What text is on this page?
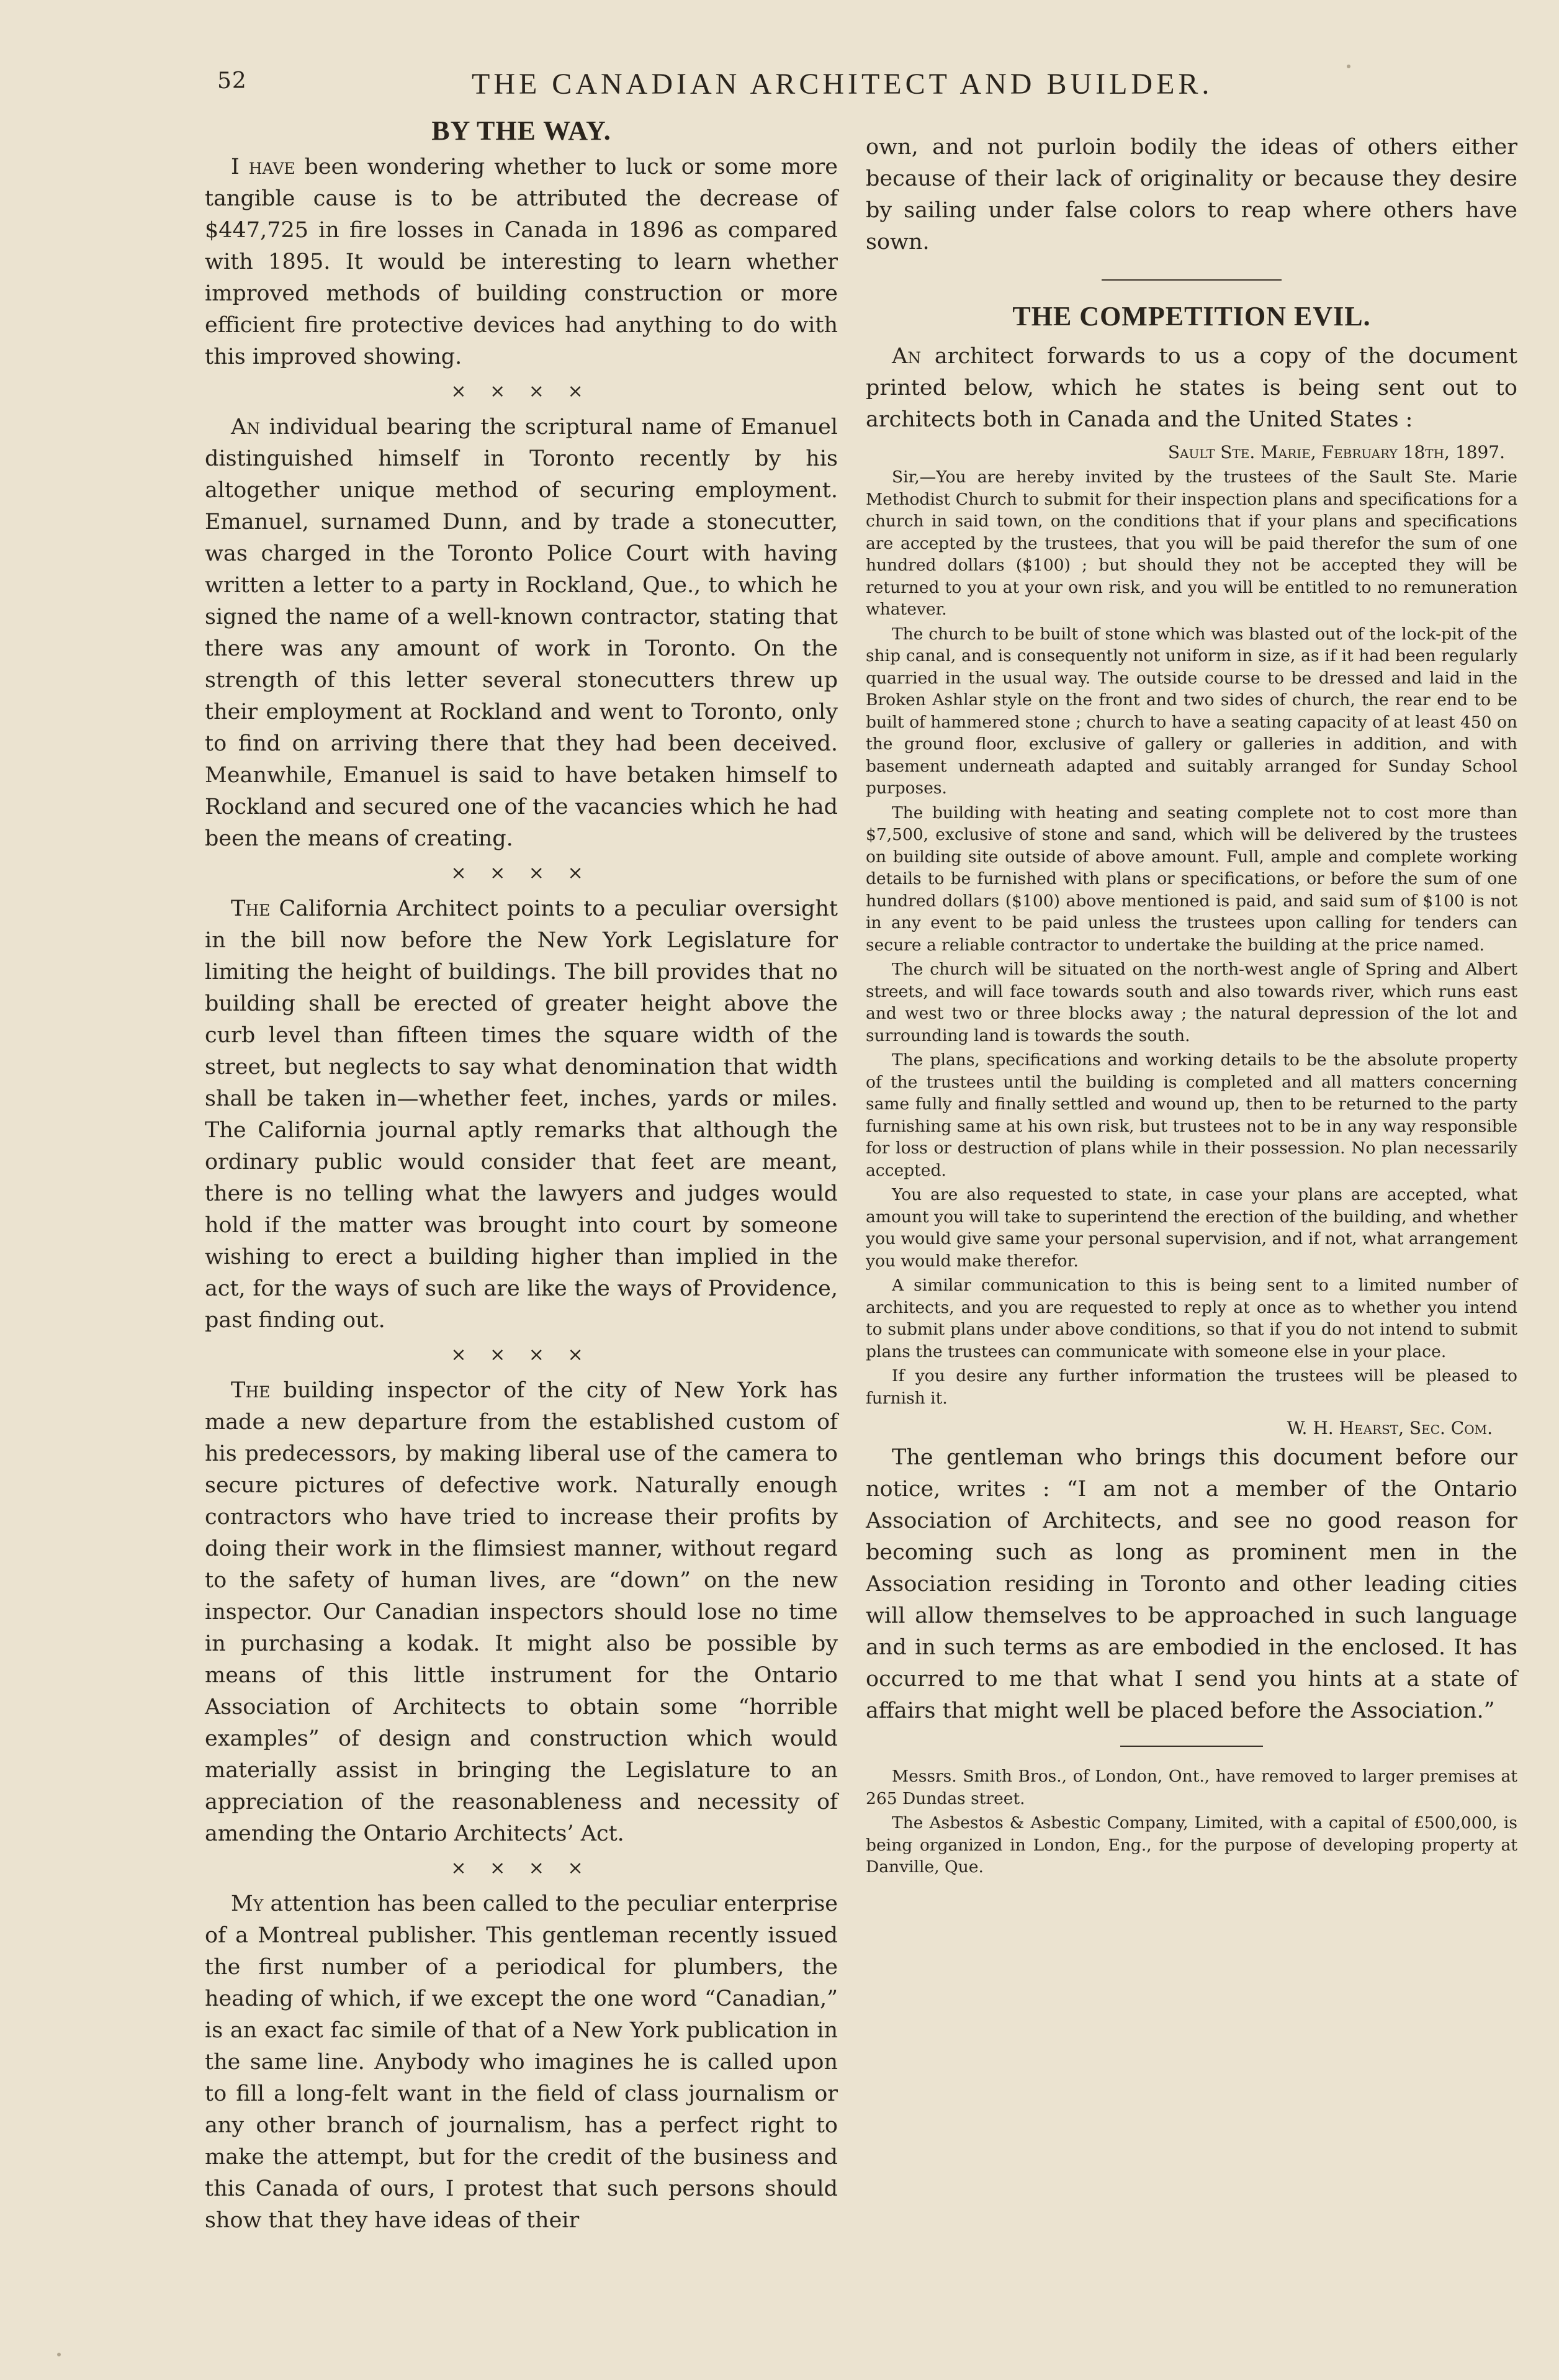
52	THE CANADIAN ARCHITECT AND BUILDER.
BY THE WAY.

I have been wondering whether to luck or some more tangible cause is to be attributed the decrease of $447,725 in fire losses in Canada in 1896 as compared with 1895. It would be interesting to learn whether improved methods of building construction or more efficient fire protective devices had anything to do with this improved showing.

× × × ×

An individual bearing the scriptural name of Emanuel distinguished himself in Toronto recently by his altogether unique method of securing employment. Emanuel, surnamed Dunn, and by trade a stonecutter, was charged in the Toronto Police Court with having written a letter to a party in Rockland, Que., to which he signed the name of a well-known contractor, stating that there was any amount of work in Toronto. On the strength of this letter several stonecutters threw up their employment at Rockland and went to Toronto, only to find on arriving there that they had been deceived. Meanwhile, Emanuel is said to have betaken himself to Rockland and secured one of the vacancies which he had been the means of creating.

× × × ×

The California Architect points to a peculiar oversight in the bill now before the New York Legislature for limiting the height of buildings. The bill provides that no building shall be erected of greater height above the curb level than fifteen times the square width of the street, but neglects to say what denomination that width shall be taken in—whether feet, inches, yards or miles. The California journal aptly remarks that although the ordinary public would consider that feet are meant, there is no telling what the lawyers and judges would hold if the matter was brought into court by someone wishing to erect a building higher than implied in the act, for the ways of such are like the ways of Providence, past finding out.

× × × ×

The building inspector of the city of New York has made a new departure from the established custom of his predecessors, by making liberal use of the camera to secure pictures of defective work. Naturally enough contractors who have tried to increase their profits by doing their work in the flimsiest manner, without regard to the safety of human lives, are “down” on the new inspector. Our Canadian inspectors should lose no time in purchasing a kodak. It might also be possible by means of this little instrument for the Ontario Association of Architects to obtain some “horrible examples” of design and construction which would materially assist in bringing the Legislature to an appreciation of the reasonableness and necessity of amending the Ontario Architects’ Act.

× × × ×

My attention has been called to the peculiar enterprise of a Montreal publisher. This gentleman recently issued the first number of a periodical for plumbers, the heading of which, if we except the one word “Canadian,” is an exact fac simile of that of a New York publication in the same line. Anybody who imagines he is called upon to fill a long-felt want in the field of class journalism or any other branch of journalism, has a perfect right to make the attempt, but for the credit of the business and this Canada of ours, I protest that such persons should show that they have ideas of their

own, and not purloin bodily the ideas of others either because of their lack of originality or because they desire by sailing under false colors to reap where others have sown.

THE COMPETITION EVIL.

An architect forwards to us a copy of the document printed below, which he states is being sent out to architects both in Canada and the United States :

Sault Ste. Marie, February 18th, 1897.

Sir,—You are hereby invited by the trustees of the Sault Ste. Marie Methodist Church to submit for their inspection plans and specifications for a church in said town, on the conditions that if your plans and specifications are accepted by the trustees, that you will be paid therefor the sum of one hundred dollars ($100) ; but should they not be accepted they will be returned to you at your own risk, and you will be entitled to no remuneration whatever.

The church to be built of stone which was blasted out of the lock-pit of the ship canal, and is consequently not uniform in size, as if it had been regularly quarried in the usual way. The outside course to be dressed and laid in the Broken Ashlar style on the front and two sides of church, the rear end to be built of hammered stone ; church to have a seating capacity of at least 450 on the ground floor, exclusive of gallery or galleries in addition, and with basement underneath adapted and suitably arranged for Sunday School purposes.

The building with heating and seating complete not to cost more than $7,500, exclusive of stone and sand, which will be delivered by the trustees on building site outside of above amount. Full, ample and complete working details to be furnished with plans or specifications, or before the sum of one hundred dollars ($100) above mentioned is paid, and said sum of $100 is not in any event to be paid unless the trustees upon calling for tenders can secure a reliable contractor to undertake the building at the price named.

The church will be situated on the north-west angle of Spring and Albert streets, and will face towards south and also towards river, which runs east and west two or three blocks away ; the natural depression of the lot and surrounding land is towards the south.

The plans, specifications and working details to be the absolute property of the trustees until the building is completed and all matters concerning same fully and finally settled and wound up, then to be returned to the party furnishing same at his own risk, but trustees not to be in any way responsible for loss or destruction of plans while in their possession. No plan necessarily accepted.

You are also requested to state, in case your plans are accepted, what amount you will take to superintend the erection of the building, and whether you would give same your personal supervision, and if not, what arrangement you would make therefor.

A similar communication to this is being sent to a limited number of architects, and you are requested to reply at once as to whether you intend to submit plans under above conditions, so that if you do not intend to submit plans the trustees can communicate with someone else in your place.

If you desire any further information the trustees will be pleased to furnish it.

W. H. Hearst, Sec. Com.

The gentleman who brings this document before our notice, writes : “I am not a member of the Ontario Association of Architects, and see no good reason for becoming such as long as prominent men in the Association residing in Toronto and other leading cities will allow themselves to be approached in such language and in such terms as are embodied in the enclosed. It has occurred to me that what I send you hints at a state of affairs that might well be placed before the Association.”

Messrs. Smith Bros., of London, Ont., have removed to larger premises at 265 Dundas street.

The Asbestos & Asbestic Company, Limited, with a capital of £500,000, is being organized in London, Eng., for the purpose of developing property at Danville, Que.
